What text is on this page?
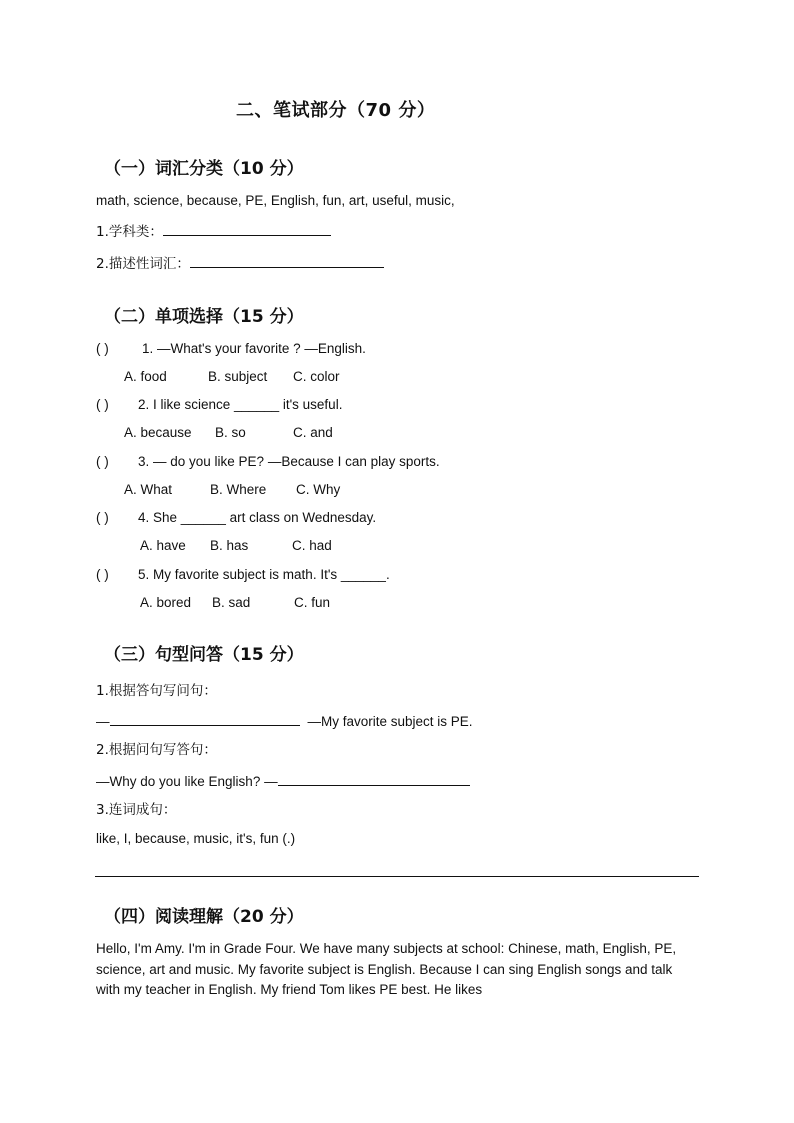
二、笔试部分（70 分）
（一）词汇分类（10 分）
math, science, because, PE, English, fun, art, useful, music,
1.学科类：
2.描述性词汇：
（二）单项选择（15 分）
( ) 1. —What's your favorite ? —English.
A. food	B. subject C. color
( ) 2. I like science ______ it's useful.
A. because B. so	C. and
( ) 3. — do you like PE? —Because I can play sports.
A. What	B. Where C. Why
( ) 4. She ______ art class on Wednesday.
A. have B. has	C. had
( ) 5. My favorite subject is math. It's ______.
A. bored B. sad	C. fun
（三）句型问答（15 分）
1.根据答句写问句：
—	—My favorite subject is PE.
2.根据问句写答句：
—Why do you like English? —
3.连词成句：
like, I, because, music, it's, fun (.)
（四）阅读理解（20 分）
Hello, I'm Amy. I'm in Grade Four. We have many subjects at school: Chinese, math, English, PE, science, art and music. My favorite subject is English. Because I can sing English songs and talk with my teacher in English. My friend Tom likes PE best. He likes
